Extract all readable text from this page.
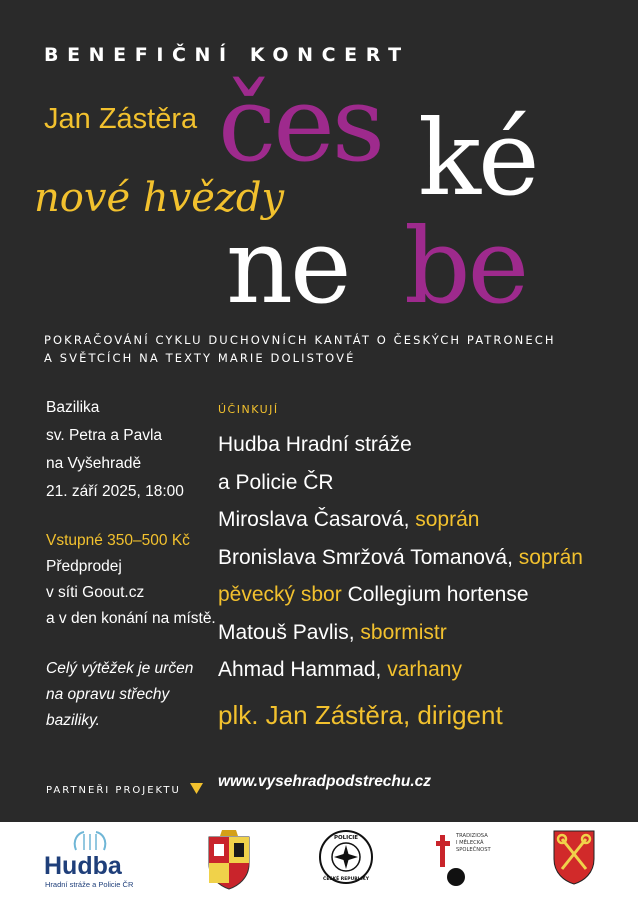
BENEFIČNÍ KONCERT
Jan Zástěra čes ké
nové hvězdy
ne be
POKRAČOVÁNÍ CYKLU DUCHOVNÍCH KANTÁT O ČESKÝCH PATRONECH
A SVĚTCÍCH NA TEXTY MARIE DOLISTOVÉ
Bazilika
sv. Petra a Pavla
na Vyšehradě
21. září 2025, 18:00
Vstupné 350–500 Kč
Předprodej
v síti Goout.cz
a v den konání na místě.
Celý výtěžek je určen
na opravu střechy
baziliky.
ÚČINKUJÍ
Hudba Hradní stráže
a Policie ČR
Miroslava Časarová, soprán
Bronislava Smržová Tomanová, soprán
pěvecký sbor Collegium hortense
Matouš Pavlis, sbormistr
Ahmad Hammad, varhany
plk. Jan Zástěra, dirigent
PARTNEŘI PROJEKTU
www.vysehradpodstrechu.cz
Hudba
Hradní stráže a Policie ČR
POLICIE
ČESKÉ REPUBLIKY
TRADIZIOSA
I MĚLECKÁ
SPOLEČNOST
